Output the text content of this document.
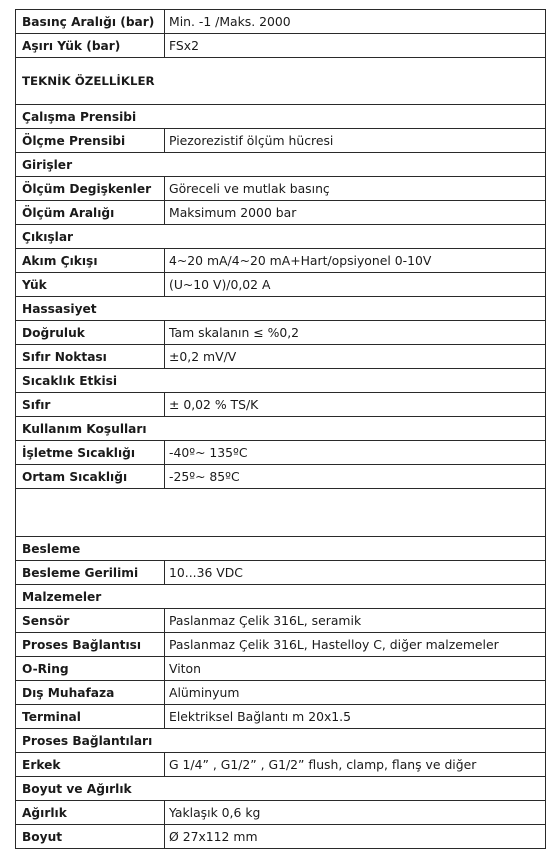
Basınç Aralığı (bar)	Min. -1 /Maks. 2000
Aşırı Yük (bar)	FSx2
TEKNİK ÖZELLİKLER	
Çalışma Prensibi	
Ölçme Prensibi	Piezorezistif ölçüm hücresi
Girişler	
Ölçüm Degişkenler	Göreceli ve mutlak basınç
Ölçüm Aralığı	Maksimum 2000 bar
Çıkışlar	
Akım Çıkışı	4~20 mA/4~20 mA+Hart/opsiyonel 0-10V
Yük	(U~10 V)/0,02 A
Hassasiyet	
Doğruluk	Tam skalanın ≤ %0,2
Sıfır Noktası	±0,2 mV/V
Sıcaklık Etkisi	
Sıfır	± 0,02 % TS/K
Kullanım Koşulları	
İşletme Sıcaklığı	-40º~ 135ºC
Ortam Sıcaklığı	-25º~ 85ºC

Besleme	
Besleme Gerilimi	10...36 VDC
Malzemeler	
Sensör	Paslanmaz Çelik 316L, seramik
Proses Bağlantısı	Paslanmaz Çelik 316L, Hastelloy C, diğer malzemeler
O-Ring	Viton
Dış Muhafaza	Alüminyum
Terminal	Elektriksel Bağlantı m 20x1.5
Proses Bağlantıları	
Erkek	G 1/4” , G1/2” , G1/2” flush, clamp, flanş ve diğer
Boyut ve Ağırlık	
Ağırlık	Yaklaşık 0,6 kg
Boyut	Ø 27x112 mm
